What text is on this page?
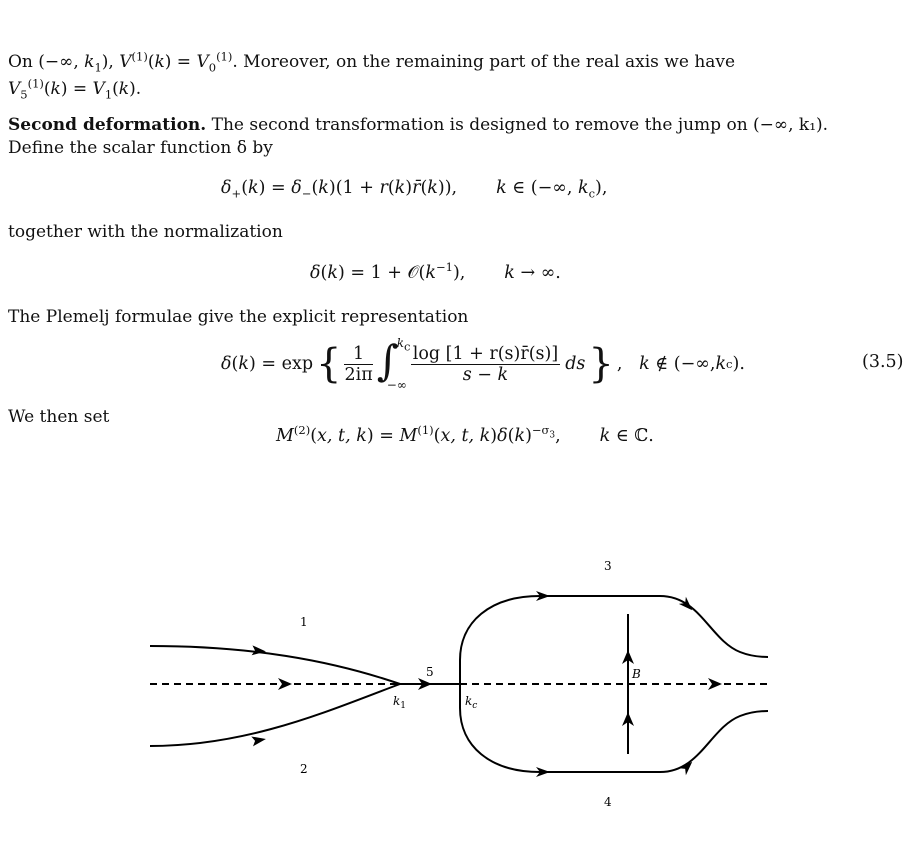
On (−∞, $k_1$), $V^{(1)}(k) = V_0^{(1)}$. Moreover, on the remaining part of the real axis we have
$V_5^{(1)}(k) = V_1(k)$.
Second deformation. The second transformation is designed to remove the jump on (−∞, k₁).
Define the scalar function δ by
$\delta_+(k) = \delta_-(k)(1$ + r(k)r̄(k)),       k ∈ (−∞, $k_c$),
together with the normalization
$\delta(k) = 1 + 𝒪(k^{-1})$,       k → ∞.
The Plemelj formulae give the explicit representation
δ ( k ) = exp { $\frac{1}{2i\pi}$ ∫
$k_c$
−∞
$\frac{\log [1 + r(s)r̄(s)]}{s - k}$ ds } , k ∉ (−∞, k c ).	(3.5)
We then set
$M^{(2)}(x$, t, $k) = M^{(1)}(x$, t, $k)\delta(k)^{-\sigma_3}$,       k ∈ ℂ.
3
1
5	B
$k_1$	$k_c$
2
4
